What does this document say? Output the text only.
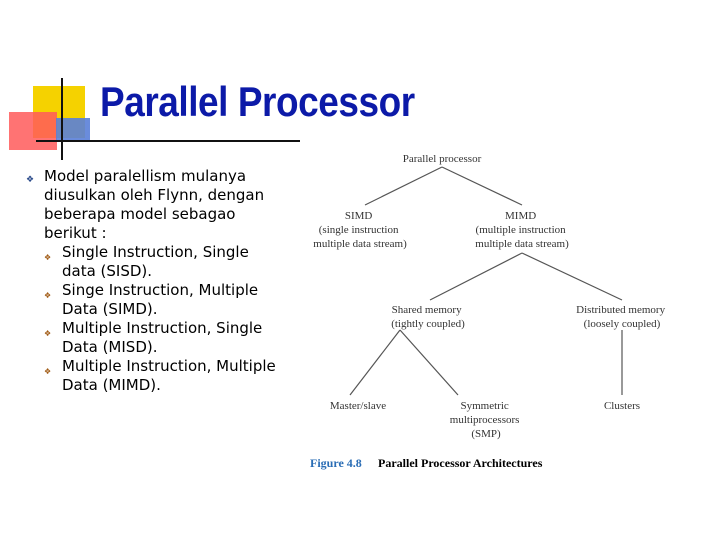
Parallel Processor
❖ Model paralellism mulanya diusulkan oleh Flynn, dengan beberapa model sebagao berikut :
❖ Single Instruction, Single data (SISD).
❖ Singe Instruction, Multiple Data (SIMD).
❖ Multiple Instruction, Single Data (MISD).
❖ Multiple Instruction, Multiple Data (MIMD).
Parallel processor
SIMD (single instruction multiple data stream)
MIMD (multiple instruction multiple data stream)
Shared memory (tightly coupled)
Distributed memory (loosely coupled)
Master/slave	Symmetric multiprocessors (SMP)
Clusters
Figure 4.8 Parallel Processor Architectures
